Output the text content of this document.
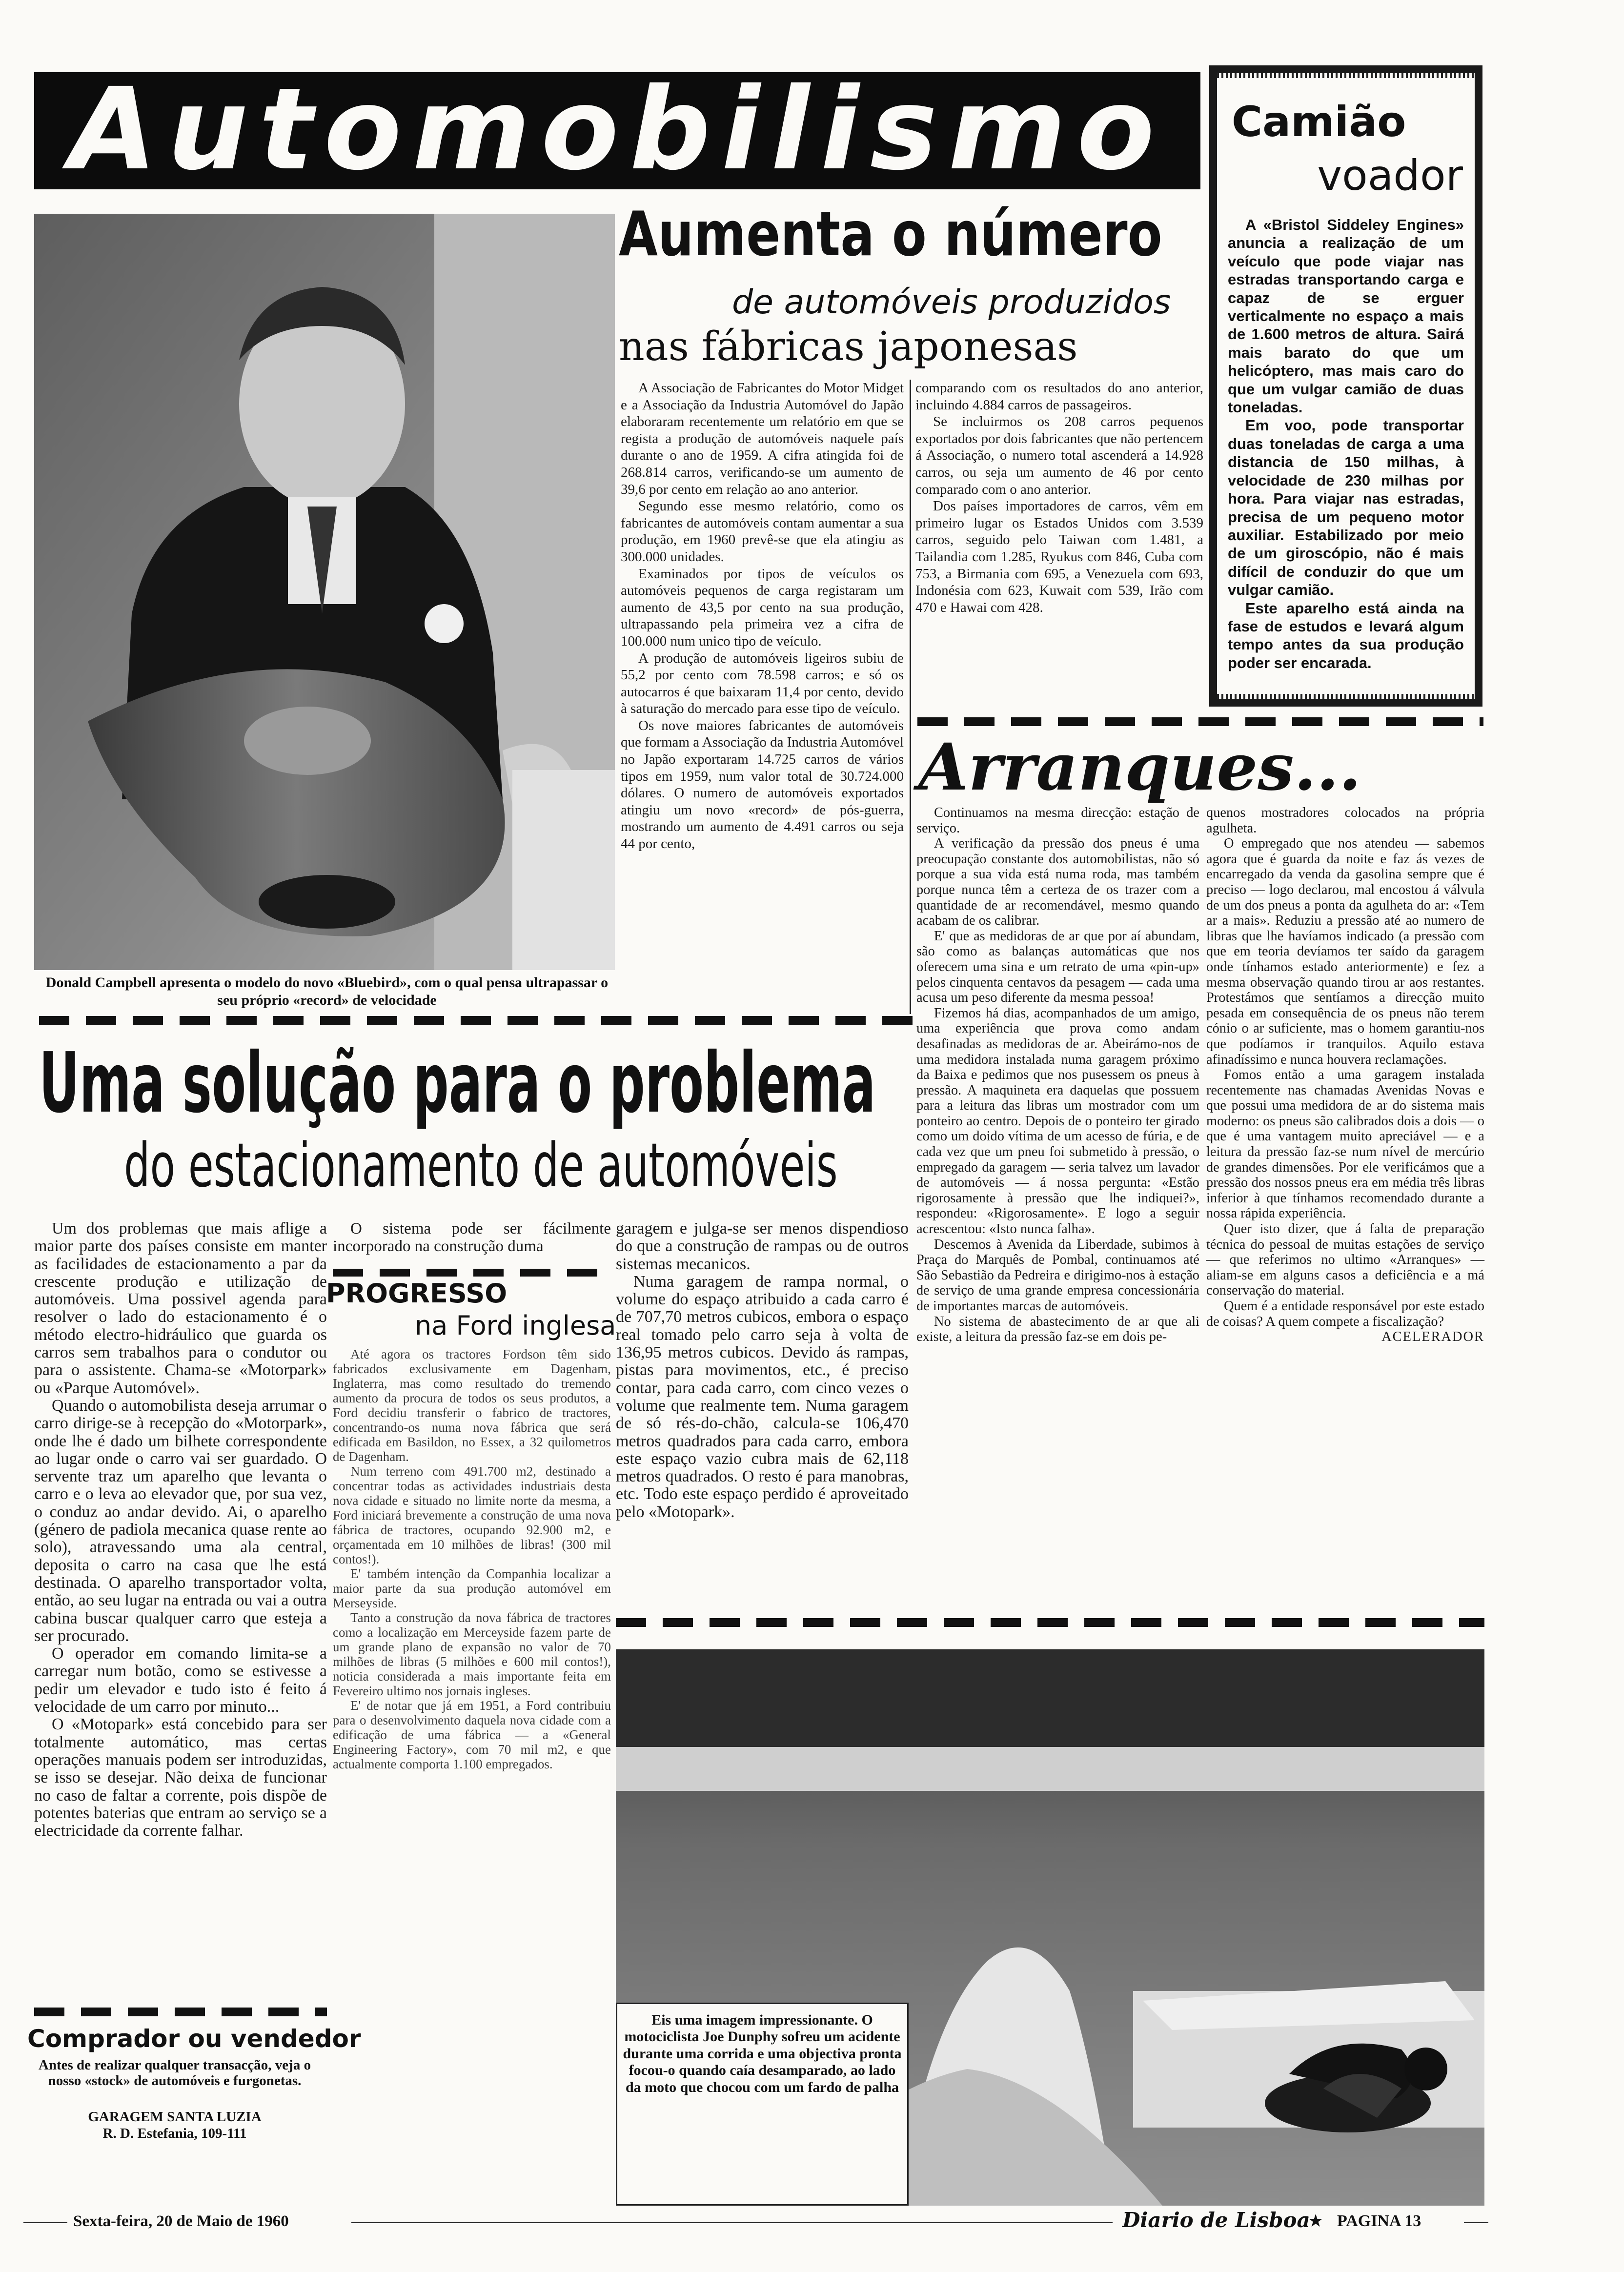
Automobilismo	Camião
voador

A «Bristol Siddeley Engines» anuncia a realização de um veículo que pode viajar nas estradas transportando carga e capaz de se erguer verticalmente no espaço a mais de 1.600 metros de altura. Sairá mais barato do que um helicóptero, mas mais caro do que um vulgar camião de duas toneladas.

Em voo, pode transportar duas toneladas de carga a uma distancia de 150 milhas, à velocidade de 230 milhas por hora. Para viajar nas estradas, precisa de um pequeno motor auxiliar. Estabilizado por meio de um giroscópio, não é mais difícil de conduzir do que um vulgar camião.

Este aparelho está ainda na fase de estudos e levará algum tempo antes da sua produção poder ser encarada.

Donald Campbell apresenta o modelo do novo «Bluebird», com o qual pensa ultrapassar o seu próprio «record» de velocidade
Aumenta o número
de automóveis produzidos
nas fábricas japonesas

A Associação de Fabricantes do Motor Midget e a Associação da Industria Automóvel do Japão elaboraram recentemente um relatório em que se regista a produção de automóveis naquele país durante o ano de 1959. A cifra atingida foi de 268.814 carros, verificando-se um aumento de 39,6 por cento em relação ao ano anterior.

Segundo esse mesmo relatório, como os fabricantes de automóveis contam aumentar a sua produção, em 1960 prevê-se que ela atingiu as 300.000 unidades.

Examinados por tipos de veículos os automóveis pequenos de carga registaram um aumento de 43,5 por cento na sua produção, ultrapassando pela primeira vez a cifra de 100.000 num unico tipo de veículo.

A produção de automóveis ligeiros subiu de 55,2 por cento com 78.598 carros; e só os autocarros é que baixaram 11,4 por cento, devido à saturação do mercado para esse tipo de veículo.

Os nove maiores fabricantes de automóveis que formam a Associação da Industria Automóvel no Japão exportaram 14.725 carros de vários tipos em 1959, num valor total de 30.724.000 dólares. O numero de automóveis exportados atingiu um novo «record» de pós-guerra, mostrando um aumento de 4.491 carros ou seja 44 por cento,

comparando com os resultados do ano anterior, incluindo 4.884 carros de passageiros.

Se incluirmos os 208 carros pequenos exportados por dois fabricantes que não pertencem á Associação, o numero total ascenderá a 14.928 carros, ou seja um aumento de 46 por cento comparado com o ano anterior.

Dos países importadores de carros, vêm em primeiro lugar os Estados Unidos com 3.539 carros, seguido pelo Taiwan com 1.481, a Tailandia com 1.285, Ryukus com 846, Cuba com 753, a Birmania com 695, a Venezuela com 693, Indonésia com 623, Kuwait com 539, Irão com 470 e Hawai com 428.

Arranques...

Continuamos na mesma direcção: estação de serviço.

A verificação da pressão dos pneus é uma preocupação constante dos automobilistas, não só porque a sua vida está numa roda, mas também porque nunca têm a certeza de os trazer com a quantidade de ar recomendável, mesmo quando acabam de os calibrar.

E' que as medidoras de ar que por aí abundam, são como as balanças automáticas que nos oferecem uma sina e um retrato de uma «pin-up» pelos cinquenta centavos da pesagem — cada uma acusa um peso diferente da mesma pessoa!

Fizemos há dias, acompanhados de um amigo, uma experiência que prova como andam desafinadas as medidoras de ar. Abeirámo-nos de uma medidora instalada numa garagem próximo da Baixa e pedimos que nos pusessem os pneus à pressão. A maquineta era daquelas que possuem para a leitura das libras um mostrador com um ponteiro ao centro. Depois de o ponteiro ter girado como um doido vítima de um acesso de fúria, e de cada vez que um pneu foi submetido à pressão, o empregado da garagem — seria talvez um lavador de automóveis — á nossa pergunta: «Estão rigorosamente à pressão que lhe indiquei?», respondeu: «Rigorosamente». E logo a seguir acrescentou: «Isto nunca falha».

Descemos à Avenida da Liberdade, subimos à Praça do Marquês de Pombal, continuamos até São Sebastião da Pedreira e dirigimo-nos à estação de serviço de uma grande empresa concessionária de importantes marcas de automóveis.

No sistema de abastecimento de ar que ali existe, a leitura da pressão faz-se em dois pe-

quenos mostradores colocados na própria agulheta.

O empregado que nos atendeu — sabemos agora que é guarda da noite e faz ás vezes de encarregado da venda da gasolina sempre que é preciso — logo declarou, mal encostou á válvula de um dos pneus a ponta da agulheta do ar: «Tem ar a mais». Reduziu a pressão até ao numero de libras que lhe havíamos indicado (a pressão com que em teoria devíamos ter saído da garagem onde tínhamos estado anteriormente) e fez a mesma observação quando tirou ar aos restantes. Protestámos que sentíamos a direcção muito pesada em consequência de os pneus não terem cónio o ar suficiente, mas o homem garantiu-nos que podíamos ir tranquilos. Aquilo estava afinadíssimo e nunca houvera reclamações.

Fomos então a uma garagem instalada recentemente nas chamadas Avenidas Novas e que possui uma medidora de ar do sistema mais moderno: os pneus são calibrados dois a dois — o que é uma vantagem muito apreciável — e a leitura da pressão faz-se num nível de mercúrio de grandes dimensões. Por ele verificámos que a pressão dos nossos pneus era em média três libras inferior à que tínhamos recomendado durante a nossa rápida experiência.

Quer isto dizer, que á falta de preparação técnica do pessoal de muitas estações de serviço — que referimos no ultimo «Arranques» — aliam-se em alguns casos a deficiência e a má conservação do material.

Quem é a entidade responsável por este estado de coisas? A quem compete a fiscalização?

ACELERADOR
Uma solução para o problema
do estacionamento de automóveis

Um dos problemas que mais aflige a maior parte dos países consiste em manter as facilidades de estacionamento a par da crescente produção e utilização de automóveis. Uma possivel agenda para resolver o lado do estacionamento é o método electro-hidráulico que guarda os carros sem trabalhos para o condutor ou para o assistente. Chama-se «Motorpark» ou «Parque Automóvel».

Quando o automobilista deseja arrumar o carro dirige-se à recepção do «Motorpark», onde lhe é dado um bilhete correspondente ao lugar onde o carro vai ser guardado. O servente traz um aparelho que levanta o carro e o leva ao elevador que, por sua vez, o conduz ao andar devido. Ai, o aparelho (género de padiola mecanica quase rente ao solo), atravessando uma ala central, deposita o carro na casa que lhe está destinada. O aparelho transportador volta, então, ao seu lugar na entrada ou vai a outra cabina buscar qualquer carro que esteja a ser procurado.

O operador em comando limita-se a carregar num botão, como se estivesse a pedir um elevador e tudo isto é feito á velocidade de um carro por minuto...

O «Motopark» está concebido para ser totalmente automático, mas certas operações manuais podem ser introduzidas, se isso se desejar. Não deixa de funcionar no caso de faltar a corrente, pois dispõe de potentes baterias que entram ao serviço se a electricidade da corrente falhar.

O sistema pode ser fácilmente incorporado na construção duma

garagem e julga-se ser menos dispendioso do que a construção de rampas ou de outros sistemas mecanicos.

Numa garagem de rampa normal, o volume do espaço atribuido a cada carro é de 707,70 metros cubicos, embora o espaço real tomado pelo carro seja à volta de 136,95 metros cubicos. Devido ás rampas, pistas para movimentos, etc., é preciso contar, para cada carro, com cinco vezes o volume que realmente tem. Numa garagem de só rés-do-chão, calcula-se 106,470 metros quadrados para cada carro, embora este espaço vazio cubra mais de 62,118 metros quadrados. O resto é para manobras, etc. Todo este espaço perdido é aproveitado pelo «Motopark».

PROGRESSO
na Ford inglesa

Até agora os tractores Fordson têm sido fabricados exclusivamente em Dagenham, Inglaterra, mas como resultado do tremendo aumento da procura de todos os seus produtos, a Ford decidiu transferir o fabrico de tractores, concentrando-os numa nova fábrica que será edificada em Basildon, no Essex, a 32 quilometros de Dagenham.

Num terreno com 491.700 m2, destinado a concentrar todas as actividades industriais desta nova cidade e situado no limite norte da mesma, a Ford iniciará brevemente a construção de uma nova fábrica de tractores, ocupando 92.900 m2, e orçamentada em 10 milhões de libras! (300 mil contos!).

E' também intenção da Companhia localizar a maior parte da sua produção automóvel em Merseyside.

Tanto a construção da nova fábrica de tractores como a localização em Merceyside fazem parte de um grande plano de expansão no valor de 70 milhões de libras (5 milhões e 600 mil contos!), noticia considerada a mais importante feita em Fevereiro ultimo nos jornais ingleses.

E' de notar que já em 1951, a Ford contribuiu para o desenvolvimento daquela nova cidade com a edificação de uma fábrica — a «General Engineering Factory», com 70 mil m2, e que actualmente comporta 1.100 empregados.

Eis uma imagem impressionante. O motociclista Joe Dunphy sofreu um acidente durante uma corrida e uma objectiva pronta focou-o quando caía desamparado, ao lado da moto que chocou com um fardo de palha
Comprador ou vendedor
Antes de realizar qualquer transacção, veja o nosso «stock» de automóveis e furgonetas.
GARAGEM SANTA LUZIA
R. D. Estefania, 109-111
Sexta-feira, 20 de Maio de 1960	Diario de Lisboa
★ PAGINA 13
